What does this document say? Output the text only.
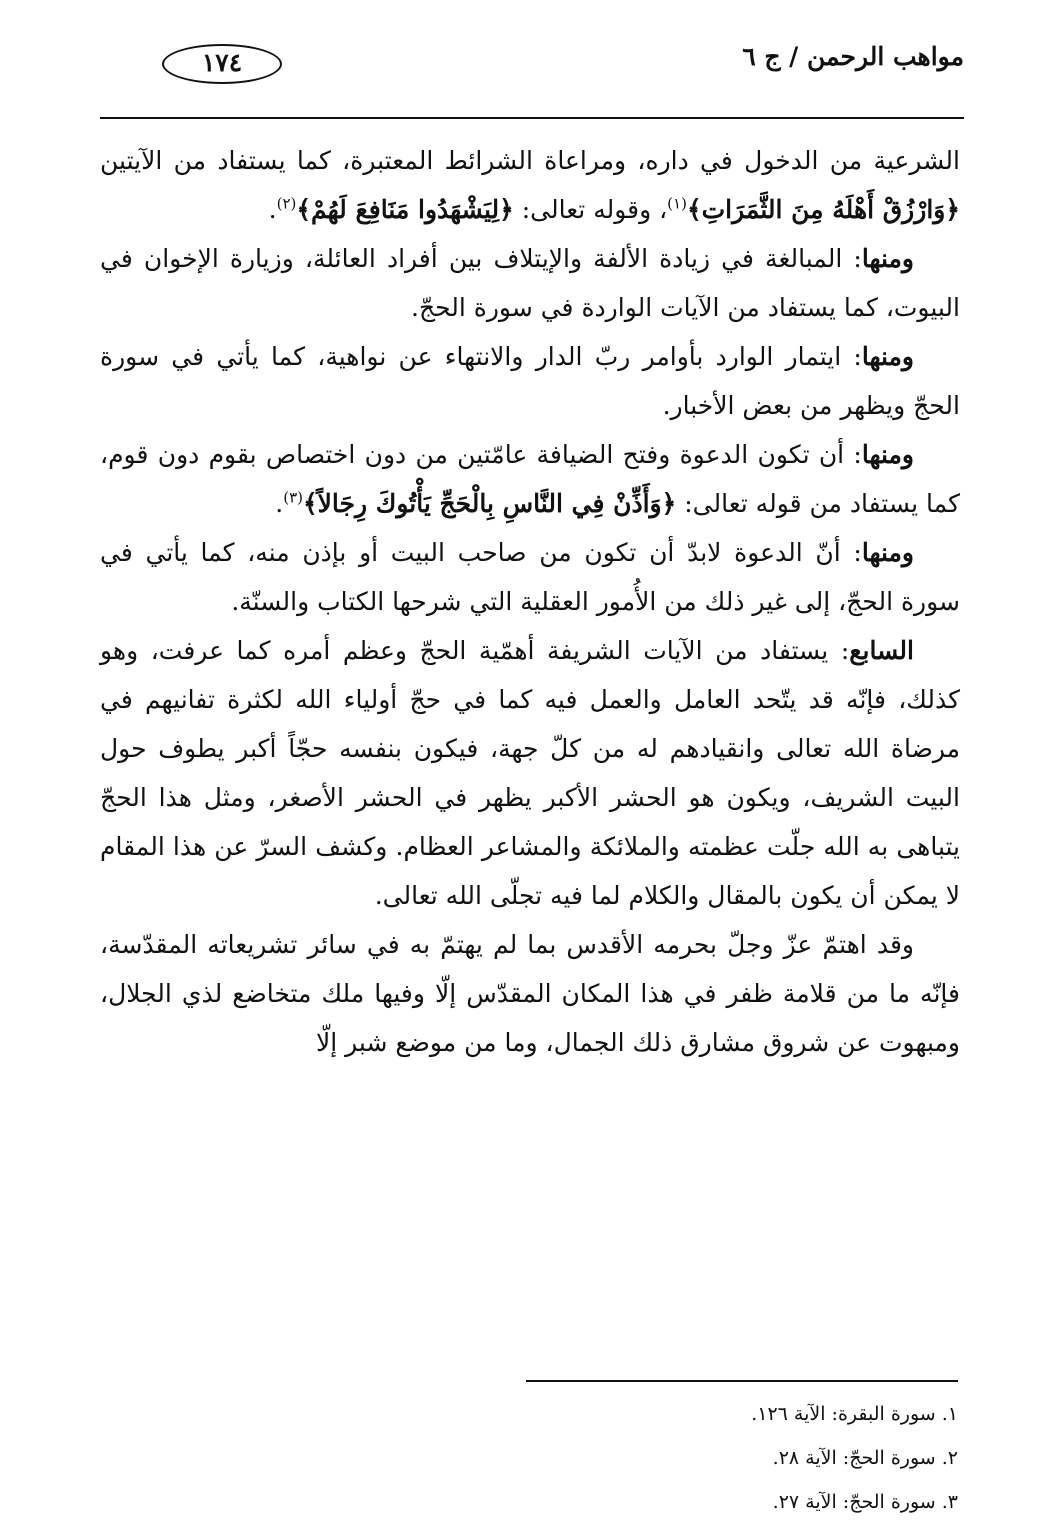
مواهب الرحمن / ج ٦
١٧٤

الشرعية من الدخول في داره، ومراعاة الشرائط المعتبرة، كما يستفاد من الآيتين ﴿وَارْزُقْ أَهْلَهُ مِنَ الثَّمَرَاتِ﴾$^{(١)}$، وقوله تعالى: ﴿لِيَشْهَدُوا مَنَافِعَ لَهُمْ﴾$^{(٢)}$.

ومنها: المبالغة في زيادة الألفة والإيتلاف بين أفراد العائلة، وزيارة الإخوان في البيوت، كما يستفاد من الآيات الواردة في سورة الحجّ.

ومنها: ايتمار الوارد بأوامر ربّ الدار والانتهاء عن نواهية، كما يأتي في سورة الحجّ ويظهر من بعض الأخبار.

ومنها: أن تكون الدعوة وفتح الضيافة عامّتين من دون اختصاص بقوم دون قوم، كما يستفاد من قوله تعالى: ﴿وَأَذِّنْ فِي النَّاسِ بِالْحَجِّ يَأْتُوكَ رِجَالاً﴾$^{(٣)}$.

ومنها: أنّ الدعوة لابدّ أن تكون من صاحب البيت أو بإذن منه، كما يأتي في سورة الحجّ، إلى غير ذلك من الأُمور العقلية التي شرحها الكتاب والسنّة.

السابع: يستفاد من الآيات الشريفة أهمّية الحجّ وعظم أمره كما عرفت، وهو كذلك، فإنّه قد يتّحد العامل والعمل فيه كما في حجّ أولياء الله لكثرة تفانيهم في مرضاة الله تعالى وانقيادهم له من كلّ جهة، فيكون بنفسه حجّاً أكبر يطوف حول البيت الشريف، ويكون هو الحشر الأكبر يظهر في الحشر الأصغر، ومثل هذا الحجّ يتباهى به الله جلّت عظمته والملائكة والمشاعر العظام. وكشف السرّ عن هذا المقام لا يمكن أن يكون بالمقال والكلام لما فيه تجلّى الله تعالى.

وقد اهتمّ عزّ وجلّ بحرمه الأقدس بما لم يهتمّ به في سائر تشريعاته المقدّسة، فإنّه ما من قلامة ظفر في هذا المكان المقدّس إلّا وفيها ملك متخاضع لذي الجلال، ومبهوت عن شروق مشارق ذلك الجمال، وما من موضع شبر إلّا

١. سورة البقرة: الآية ١٢٦.

٢. سورة الحجّ: الآية ٢٨.

٣. سورة الحجّ: الآية ٢٧.
